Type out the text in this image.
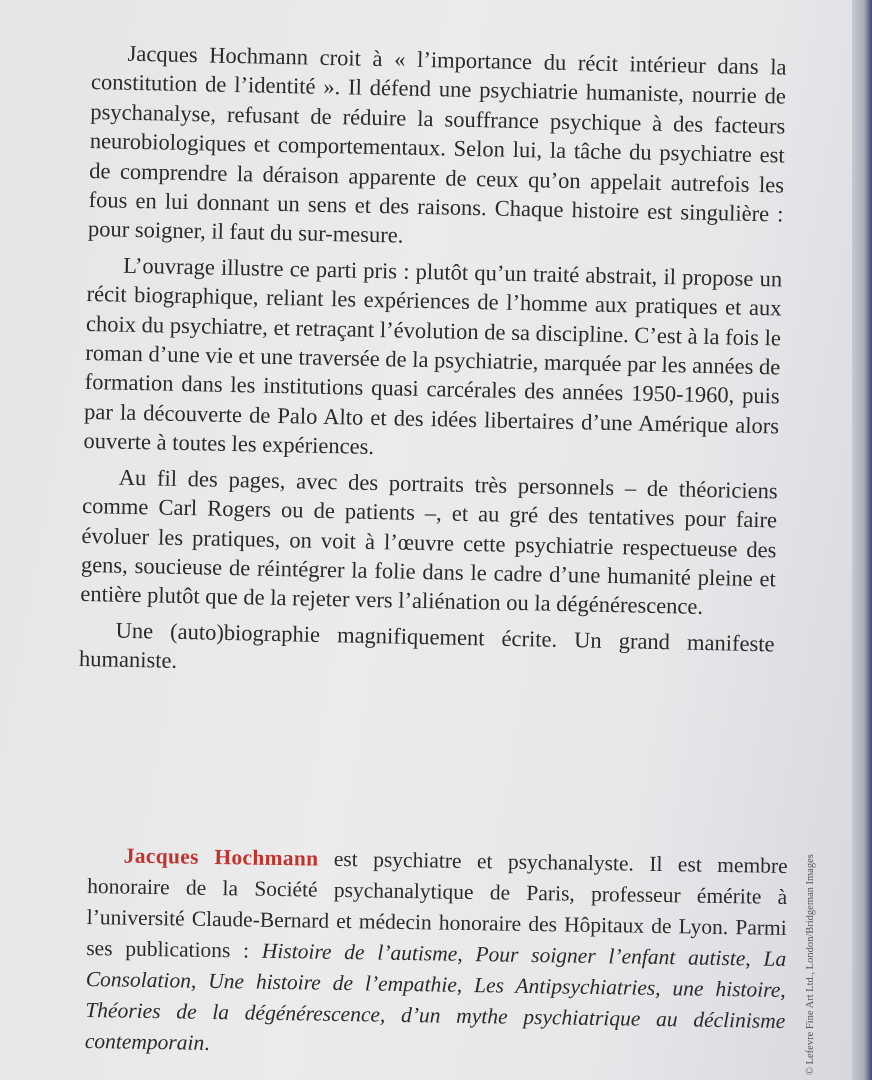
Jacques Hochmann croit à « l’importance du récit intérieur dans la constitution de l’identité ». Il défend une psychiatrie humaniste, nourrie de psychanalyse, refusant de réduire la souffrance psychique à des facteurs neurobiologiques et comportementaux. Selon lui, la tâche du psychiatre est de comprendre la déraison apparente de ceux qu’on appelait autrefois les fous en lui donnant un sens et des raisons. Chaque histoire est singulière : pour soigner, il faut du sur-mesure.

L’ouvrage illustre ce parti pris : plutôt qu’un traité abstrait, il propose un récit biographique, reliant les expériences de l’homme aux pratiques et aux choix du psychiatre, et retraçant l’évolution de sa discipline. C’est à la fois le roman d’une vie et une traversée de la psychiatrie, marquée par les années de formation dans les institutions quasi carcérales des années 1950-1960, puis par la découverte de Palo Alto et des idées libertaires d’une Amérique alors ouverte à toutes les expériences.

Au fil des pages, avec des portraits très personnels – de théoriciens comme Carl Rogers ou de patients –, et au gré des tentatives pour faire évoluer les pratiques, on voit à l’œuvre cette psychiatrie respectueuse des gens, soucieuse de réintégrer la folie dans le cadre d’une humanité pleine et entière plutôt que de la rejeter vers l’aliénation ou la dégénérescence.

Une (auto)biographie magnifiquement écrite. Un grand manifeste humaniste.

Jacques Hochmann est psychiatre et psychanalyste. Il est membre honoraire de la Société psychanalytique de Paris, professeur émérite à l’université Claude-Bernard et médecin honoraire des Hôpitaux de Lyon. Parmi ses publications : Histoire de l’autisme, Pour soigner l’enfant autiste, La Consolation, Une histoire de l’empathie, Les Antipsychiatries, une histoire, Théories de la dégénérescence, d’un mythe psychiatrique au déclinisme contemporain.	© Lefevre Fine Art Ltd., London/Bridgeman Images
